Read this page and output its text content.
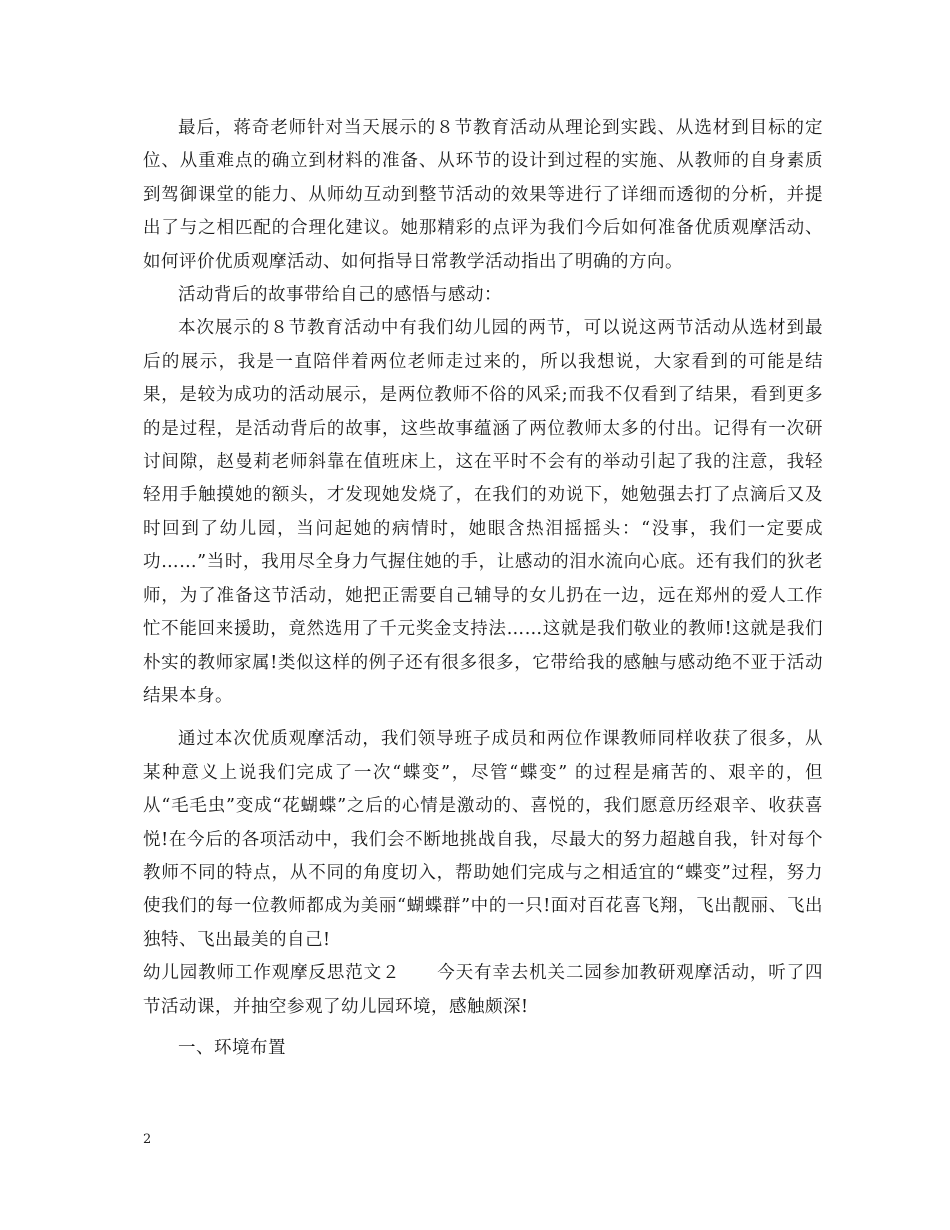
最后，蒋奇老师针对当天展示的８节教育活动从理论到实践、从选材到目标的定位、从重难点的确立到材料的准备、从环节的设计到过程的实施、从教师的自身素质到驾御课堂的能力、从师幼互动到整节活动的效果等进行了详细而透彻的分析，并提出了与之相匹配的合理化建议。她那精彩的点评为我们今后如何准备优质观摩活动、如何评价优质观摩活动、如何指导日常教学活动指出了明确的方向。

活动背后的故事带给自己的感悟与感动：

本次展示的８节教育活动中有我们幼儿园的两节，可以说这两节活动从选材到最后的展示，我是一直陪伴着两位老师走过来的，所以我想说，大家看到的可能是结果，是较为成功的活动展示，是两位教师不俗的风采;而我不仅看到了结果，看到更多的是过程，是活动背后的故事，这些故事蕴涵了两位教师太多的付出。记得有一次研讨间隙，赵曼莉老师斜靠在值班床上，这在平时不会有的举动引起了我的注意，我轻轻用手触摸她的额头，才发现她发烧了，在我们的劝说下，她勉强去打了点滴后又及时回到了幼儿园，当问起她的病情时，她眼含热泪摇摇头：“没事，我们一定要成功……”当时，我用尽全身力气握住她的手，让感动的泪水流向心底。还有我们的狄老师，为了准备这节活动，她把正需要自己辅导的女儿扔在一边，远在郑州的爱人工作忙不能回来援助，竟然选用了千元奖金支持法……这就是我们敬业的教师!这就是我们朴实的教师家属!类似这样的例子还有很多很多，它带给我的感触与感动绝不亚于活动结果本身。

通过本次优质观摩活动，我们领导班子成员和两位作课教师同样收获了很多，从某种意义上说我们完成了一次“蝶变”，尽管“蝶变” 的过程是痛苦的、艰辛的，但从“毛毛虫”变成“花蝴蝶”之后的心情是激动的、喜悦的，我们愿意历经艰辛、收获喜悦!在今后的各项活动中，我们会不断地挑战自我，尽最大的努力超越自我，针对每个教师不同的特点，从不同的角度切入，帮助她们完成与之相适宜的“蝶变”过程，努力使我们的每一位教师都成为美丽“蝴蝶群”中的一只!面对百花喜飞翔，飞出靓丽、飞出独特、飞出最美的自己!

幼儿园教师工作观摩反思范文２　　今天有幸去机关二园参加教研观摩活动，听了四节活动课，并抽空参观了幼儿园环境，感触颇深!

一、环境布置

2
